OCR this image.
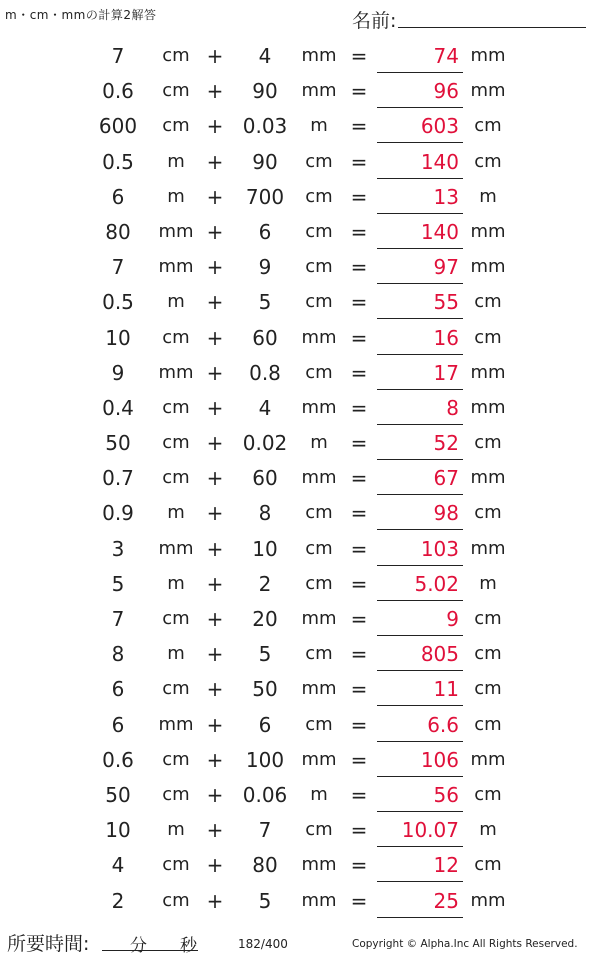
m・cm・mmの計算2解答	名前:
7	cm +	4	mm =	74 mm
0.6	cm +	90	mm =	96 mm
600	cm + 0.03	m	=	603 cm
0.5	m	+	90	cm =	140 cm
6	m	+	700	cm =	13	m
80	mm +	6	cm =	140 mm
7	mm +	9	cm =	97 mm
0.5	m	+	5	cm =	55 cm
10	cm +	60	mm =	16 cm
9	mm +	0.8	cm =	17 mm
0.4	cm +	4	mm =	8 mm
50	cm + 0.02	m	=	52 cm
0.7	cm +	60	mm =	67 mm
0.9	m	+	8	cm =	98 cm
3	mm +	10	cm =	103 mm
5	m	+	2	cm =	5.02	m
7	cm +	20	mm =	9 cm
8	m	+	5	cm =	805 cm
6	cm +	50	mm =	11 cm
6	mm +	6	cm =	6.6 cm
0.6	cm +	100 mm =	106 mm
50	cm + 0.06	m	=	56 cm
10	m	+	7	cm =	10.07	m
4	cm +	80	mm =	12 cm
2	cm +	5	mm =	25 mm
所要時間: 分 秒	182/400	Copyright © Alpha.Inc All Rights Reserved.
